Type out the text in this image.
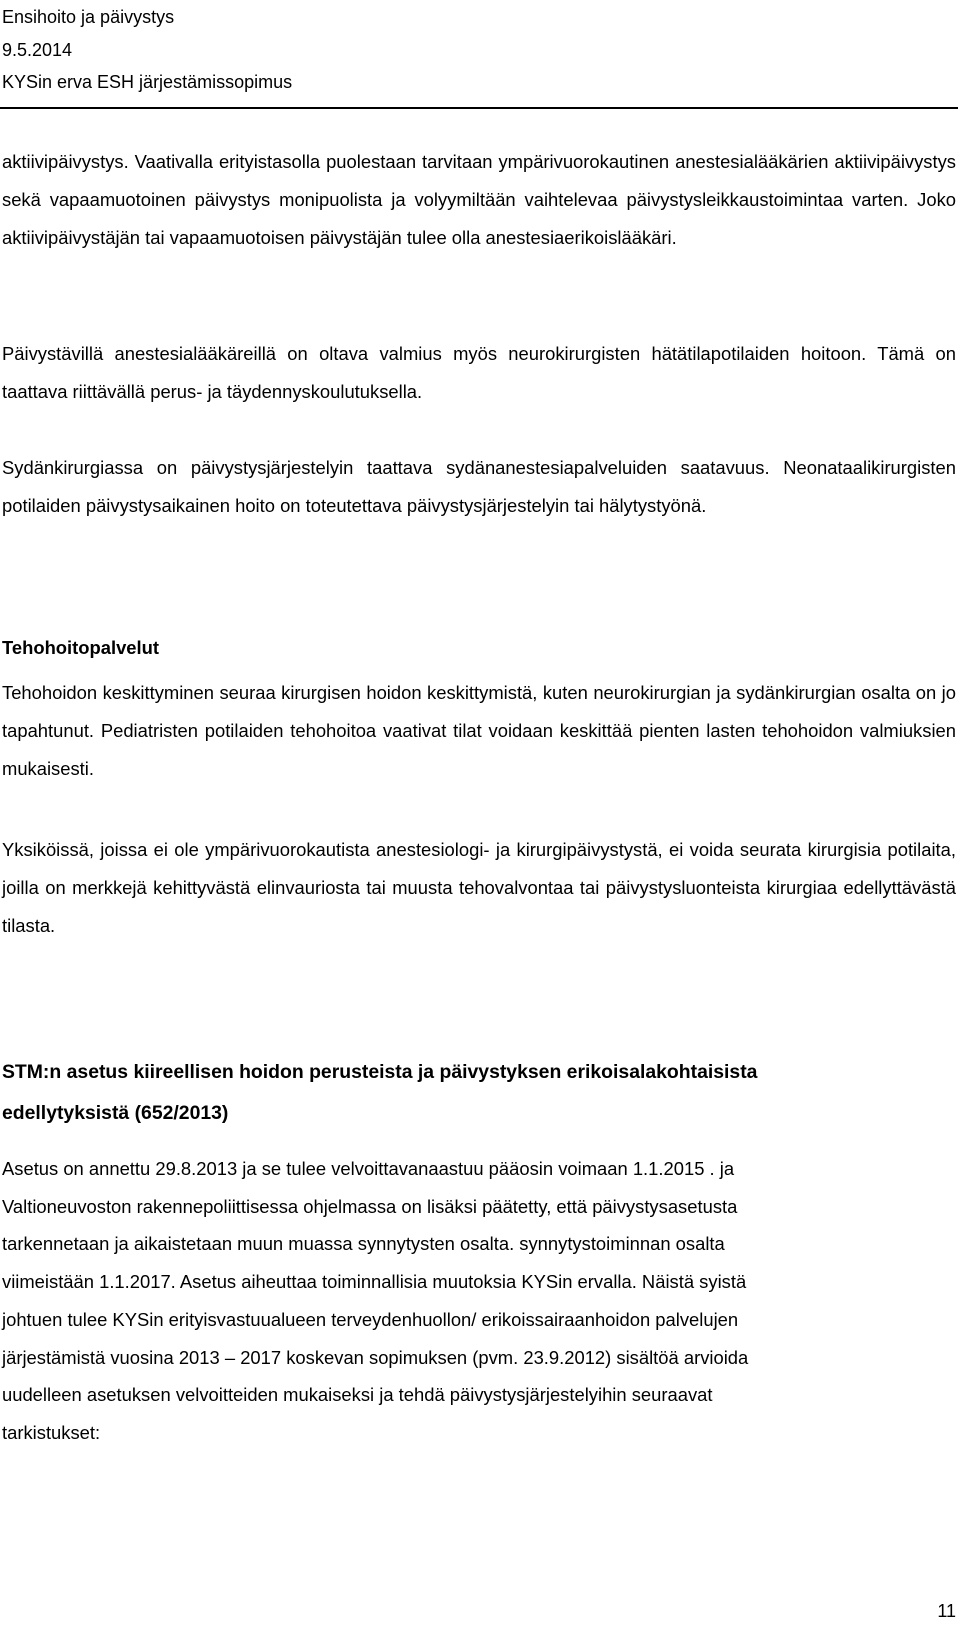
Ensihoito ja päivystys
9.5.2014
KYSin erva ESH järjestämissopimus

aktiivipäivystys. Vaativalla erityistasolla puolestaan tarvitaan ympärivuorokautinen anestesialääkärien aktiivipäivystys sekä vapaamuotoinen päivystys monipuolista ja volyymiltään vaihtelevaa päivystysleikkaustoimintaa varten. Joko aktiivipäivystäjän tai vapaamuotoisen päivystäjän tulee olla anestesiaerikoislääkäri.

Päivystävillä anestesialääkäreillä on oltava valmius myös neurokirurgisten hätätilapotilaiden hoitoon. Tämä on taattava riittävällä perus- ja täydennyskoulutuksella.

Sydänkirurgiassa on päivystysjärjestelyin taattava sydänanestesiapalveluiden saatavuus. Neonataalikirurgisten potilaiden päivystysaikainen hoito on toteutettava päivystysjärjestelyin tai hälytystyönä.

Tehohoitopalvelut

Tehohoidon keskittyminen seuraa kirurgisen hoidon keskittymistä, kuten neurokirurgian ja sydänkirurgian osalta on jo tapahtunut. Pediatristen potilaiden tehohoitoa vaativat tilat voidaan keskittää pienten lasten tehohoidon valmiuksien mukaisesti.

Yksiköissä, joissa ei ole ympärivuorokautista anestesiologi- ja kirurgipäivystystä, ei voida seurata kirurgisia potilaita, joilla on merkkejä kehittyvästä elinvauriosta tai muusta tehovalvontaa tai päivystysluonteista kirurgiaa edellyttävästä tilasta.

STM:n asetus kiireellisen hoidon perusteista ja päivystyksen erikoisalakohtaisista
edellytyksistä (652/2013)
Asetus on annettu 29.8.2013 ja se tulee velvoittavanaastuu pääosin voimaan 1.1.2015 . ja
Valtioneuvoston rakennepoliittisessa ohjelmassa on lisäksi päätetty, että päivystysasetusta
tarkennetaan ja aikaistetaan muun muassa synnytysten osalta. synnytystoiminnan osalta
viimeistään 1.1.2017. Asetus aiheuttaa toiminnallisia muutoksia KYSin ervalla. Näistä syistä
johtuen tulee KYSin erityisvastuualueen terveydenhuollon/ erikoissairaanhoidon palvelujen
järjestämistä vuosina 2013 – 2017 koskevan sopimuksen (pvm. 23.9.2012) sisältöä arvioida
uudelleen asetuksen velvoitteiden mukaiseksi ja tehdä päivystysjärjestelyihin seuraavat
tarkistukset:
11
